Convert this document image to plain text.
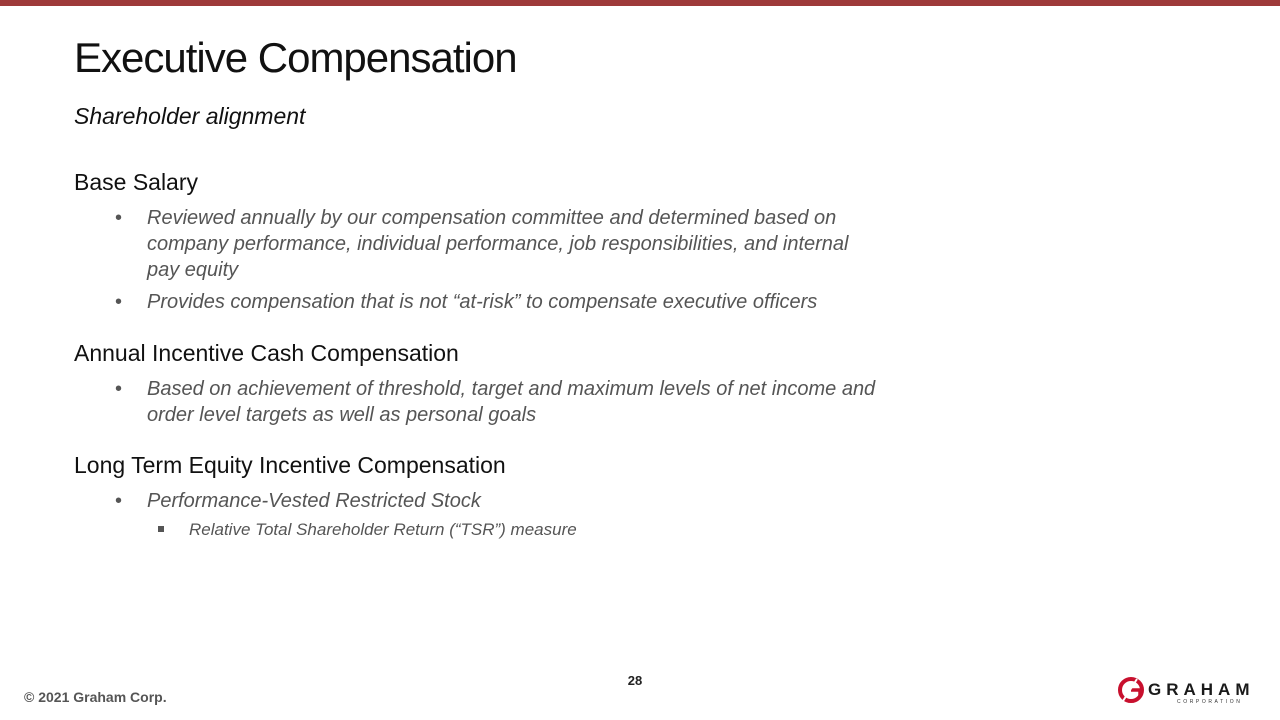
Executive Compensation
Shareholder alignment
Base Salary
• Reviewed annually by our compensation committee and determined based on company performance, individual performance, job responsibilities, and internal pay equity
• Provides compensation that is not “at-risk” to compensate executive officers
Annual Incentive Cash Compensation
• Based on achievement of threshold, target and maximum levels of net income and order level targets as well as personal goals
Long Term Equity Incentive Compensation
• Performance-Vested Restricted Stock
Relative Total Shareholder Return (“TSR”) measure
28
© 2021 Graham Corp.	GRAHAM
CORPORATION
